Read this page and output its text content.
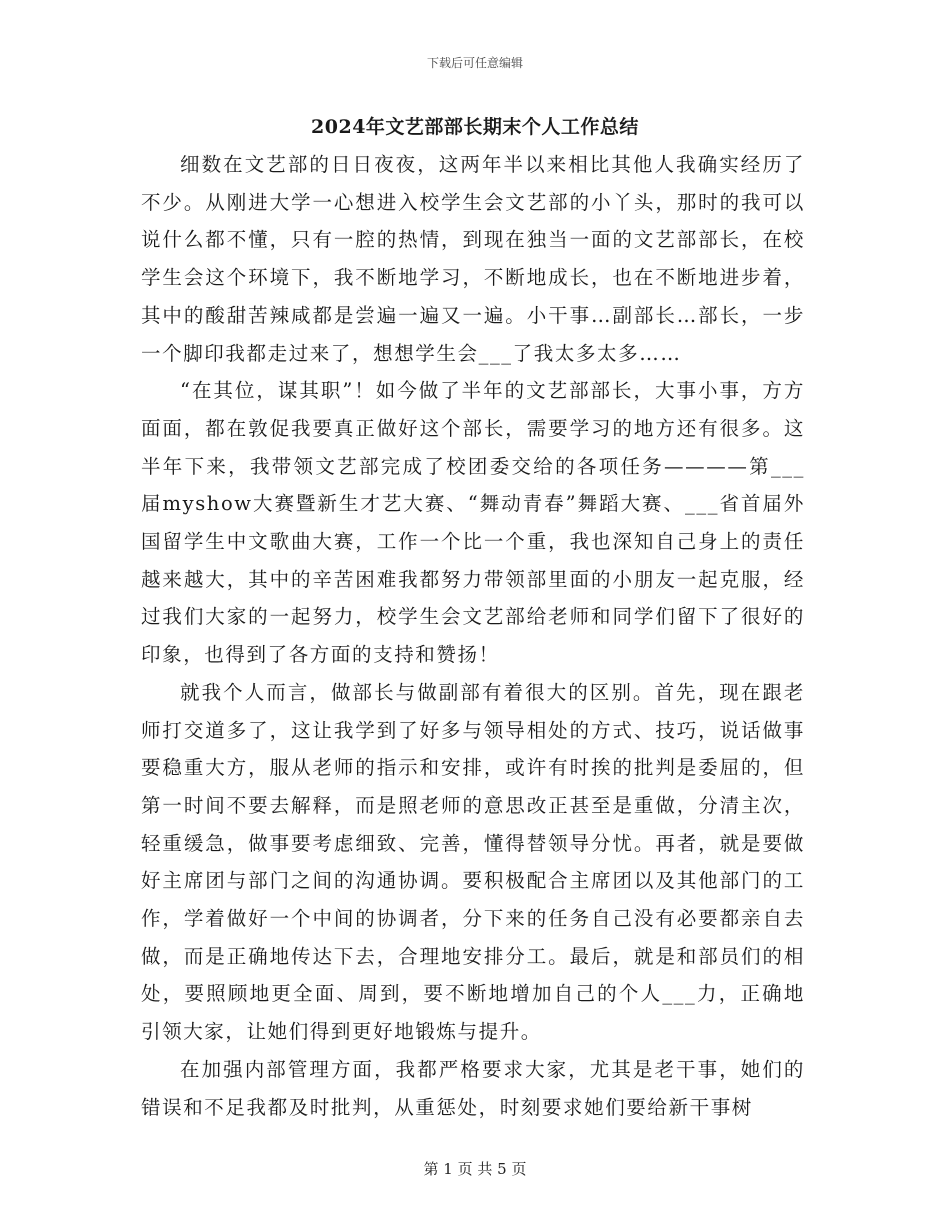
下载后可任意编辑
2024年文艺部部长期末个人工作总结

细数在文艺部的日日夜夜，这两年半以来相比其他人我确实经历了不少。从刚进大学一心想进入校学生会文艺部的小丫头，那时的我可以说什么都不懂，只有一腔的热情，到现在独当一面的文艺部部长，在校学生会这个环境下，我不断地学习，不断地成长，也在不断地进步着，其中的酸甜苦辣咸都是尝遍一遍又一遍。小干事…副部长…部长，一步一个脚印我都走过来了，想想学生会___了我太多太多……

“在其位，谋其职”！如今做了半年的文艺部部长，大事小事，方方面面，都在敦促我要真正做好这个部长，需要学习的地方还有很多。这半年下来，我带领文艺部完成了校团委交给的各项任务————第___届myshow大赛暨新生才艺大赛、“舞动青春”舞蹈大赛、___省首届外国留学生中文歌曲大赛，工作一个比一个重，我也深知自己身上的责任越来越大，其中的辛苦困难我都努力带领部里面的小朋友一起克服，经过我们大家的一起努力，校学生会文艺部给老师和同学们留下了很好的印象，也得到了各方面的支持和赞扬！

就我个人而言，做部长与做副部有着很大的区别。首先，现在跟老师打交道多了，这让我学到了好多与领导相处的方式、技巧，说话做事要稳重大方，服从老师的指示和安排，或许有时挨的批判是委屈的，但第一时间不要去解释，而是照老师的意思改正甚至是重做，分清主次，轻重缓急，做事要考虑细致、完善，懂得替领导分忧。再者，就是要做好主席团与部门之间的沟通协调。要积极配合主席团以及其他部门的工作，学着做好一个中间的协调者，分下来的任务自己没有必要都亲自去做，而是正确地传达下去，合理地安排分工。最后，就是和部员们的相处，要照顾地更全面、周到，要不断地增加自己的个人___力，正确地引领大家，让她们得到更好地锻炼与提升。

在加强内部管理方面，我都严格要求大家，尤其是老干事，她们的错误和不足我都及时批判，从重惩处，时刻要求她们要给新干事树

第 1 页 共 5 页
